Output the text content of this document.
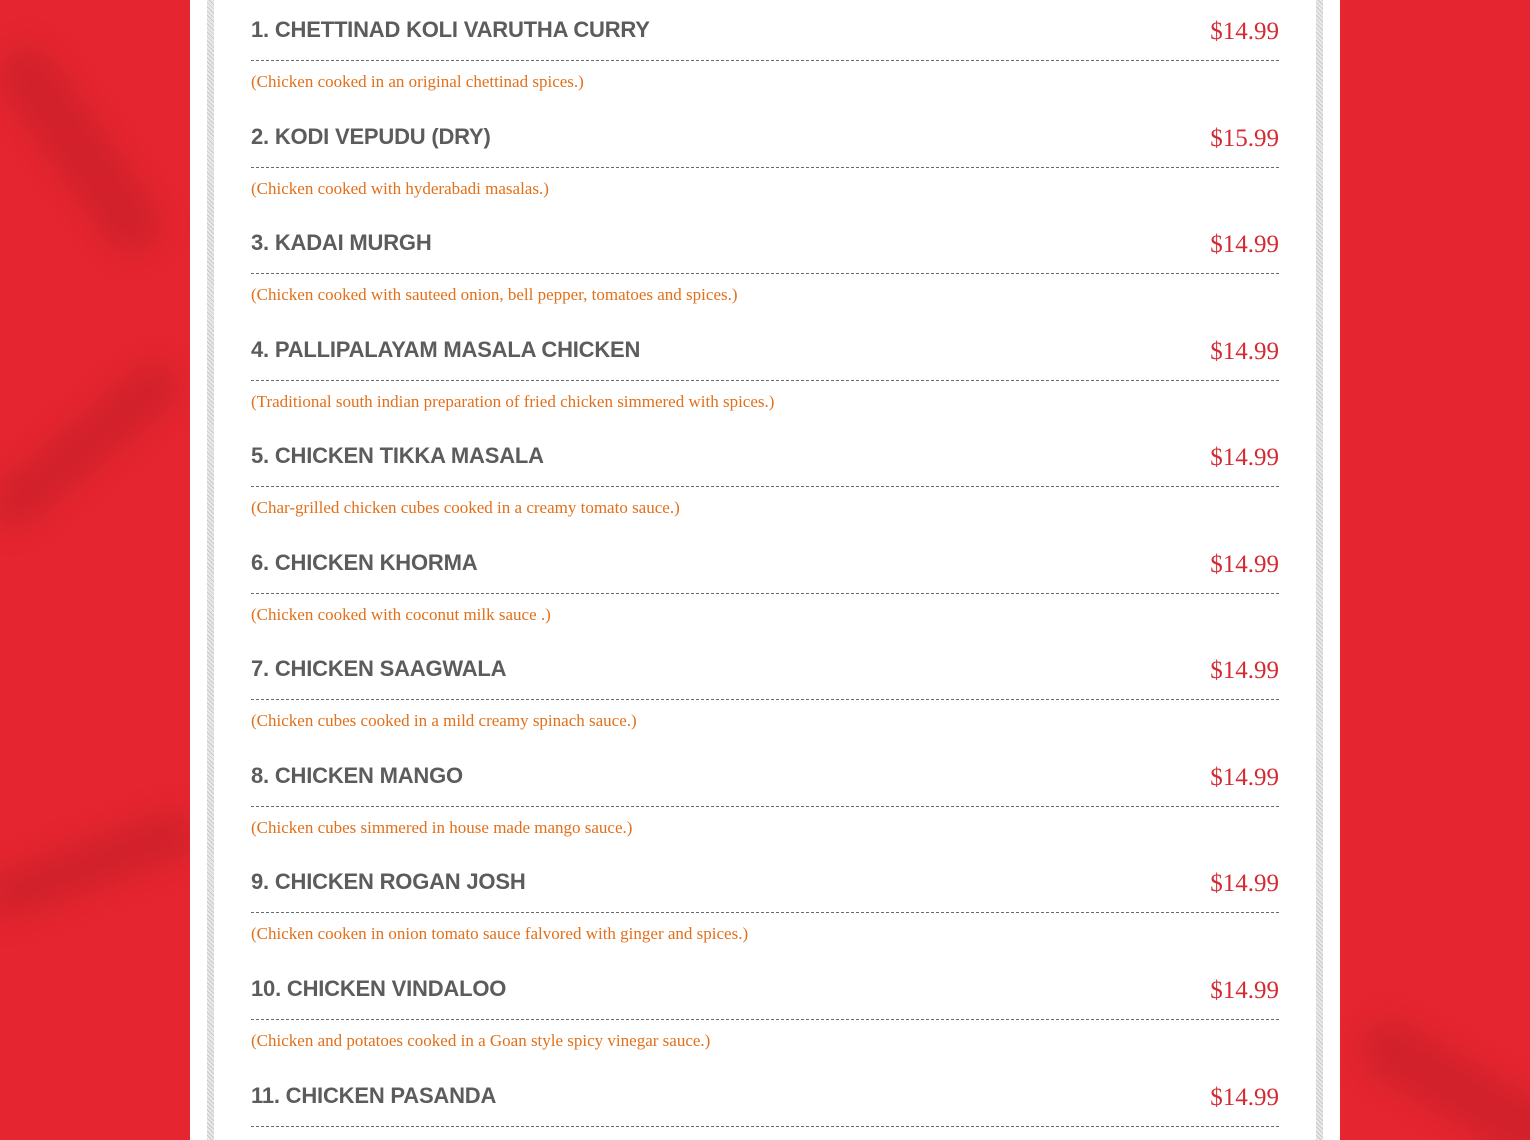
1. CHETTINAD KOLI VARUTHA CURRY	$14.99
(Chicken cooked in an original chettinad spices.)
2. KODI VEPUDU (DRY)	$15.99
(Chicken cooked with hyderabadi masalas.)
3. KADAI MURGH	$14.99
(Chicken cooked with sauteed onion, bell pepper, tomatoes and spices.)
4. PALLIPALAYAM MASALA CHICKEN	$14.99
(Traditional south indian preparation of fried chicken simmered with spices.)
5. CHICKEN TIKKA MASALA	$14.99
(Char-grilled chicken cubes cooked in a creamy tomato sauce.)
6. CHICKEN KHORMA	$14.99
(Chicken cooked with coconut milk sauce .)
7. CHICKEN SAAGWALA	$14.99
(Chicken cubes cooked in a mild creamy spinach sauce.)
8. CHICKEN MANGO	$14.99
(Chicken cubes simmered in house made mango sauce.)
9. CHICKEN ROGAN JOSH	$14.99
(Chicken cooken in onion tomato sauce falvored with ginger and spices.)
10. CHICKEN VINDALOO	$14.99
(Chicken and potatoes cooked in a Goan style spicy vinegar sauce.)
11. CHICKEN PASANDA	$14.99
